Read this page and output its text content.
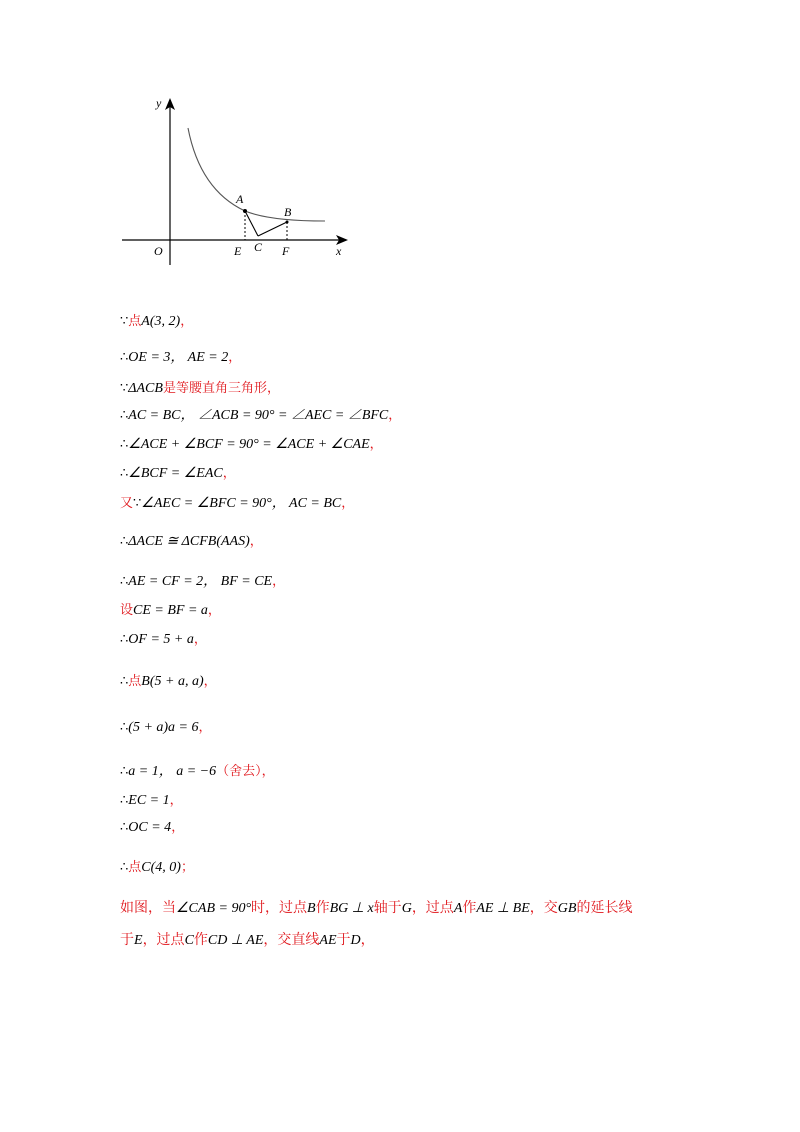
y
x
O
A
B
C
E	F
∵点A(3, 2)，
∴OE = 3， AE = 2，
∵ΔACB是等腰直角三角形，
∴AC = BC， ∠ACB = 90° = ∠AEC = ∠BFC，
∴∠ACE + ∠BCF = 90° = ∠ACE + ∠CAE，
∴∠BCF = ∠EAC，
又∵∠AEC = ∠BFC = 90°， AC = BC，
∴ΔACE ≅ ΔCFB(AAS)，
∴AE = CF = 2， BF = CE，
设CE = BF = a，
∴OF = 5 + a，
∴点B(5 + a, a)，
∴(5 + a)a = 6，
∴a = 1， a = −6（舍去），
∴EC = 1，
∴OC = 4，
∴点C(4, 0)；
如图，当∠CAB = 90°时，过点B作BG ⊥ x轴于G，过点A作AE ⊥ BE，交GB的延长线
于E，过点C作CD ⊥ AE，交直线AE于D，
